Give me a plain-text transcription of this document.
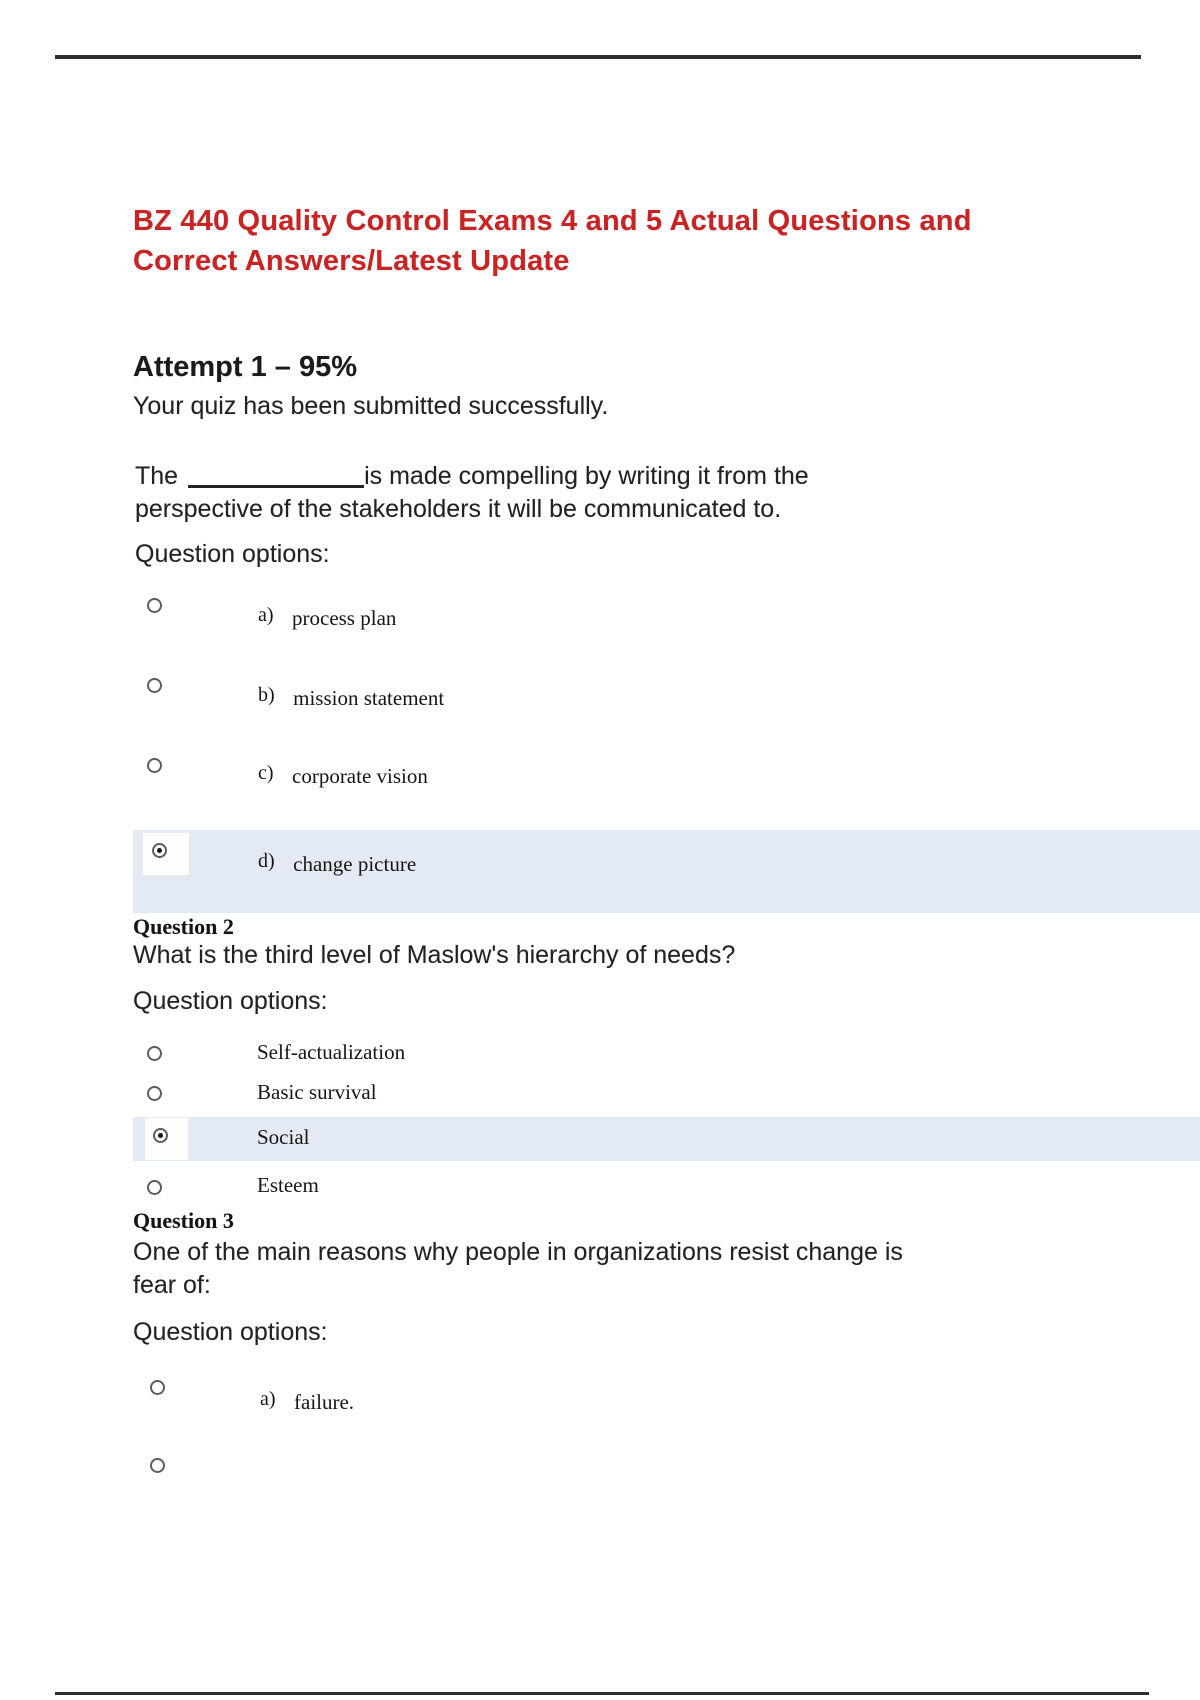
BZ 440 Quality Control Exams 4 and 5 Actual Questions and
Correct Answers/Latest Update
Attempt 1 – 95%
Your quiz has been submitted successfully.
The	is made compelling by writing it from the
perspective of the stakeholders it will be communicated to.
Question options:
a) process plan
b) mission statement
c) corporate vision
d) change picture
Question 2
What is the third level of Maslow's hierarchy of needs?
Question options:
Self-actualization
Basic survival
Social
Esteem
Question 3
One of the main reasons why people in organizations resist change is
fear of:
Question options:
a) failure.
